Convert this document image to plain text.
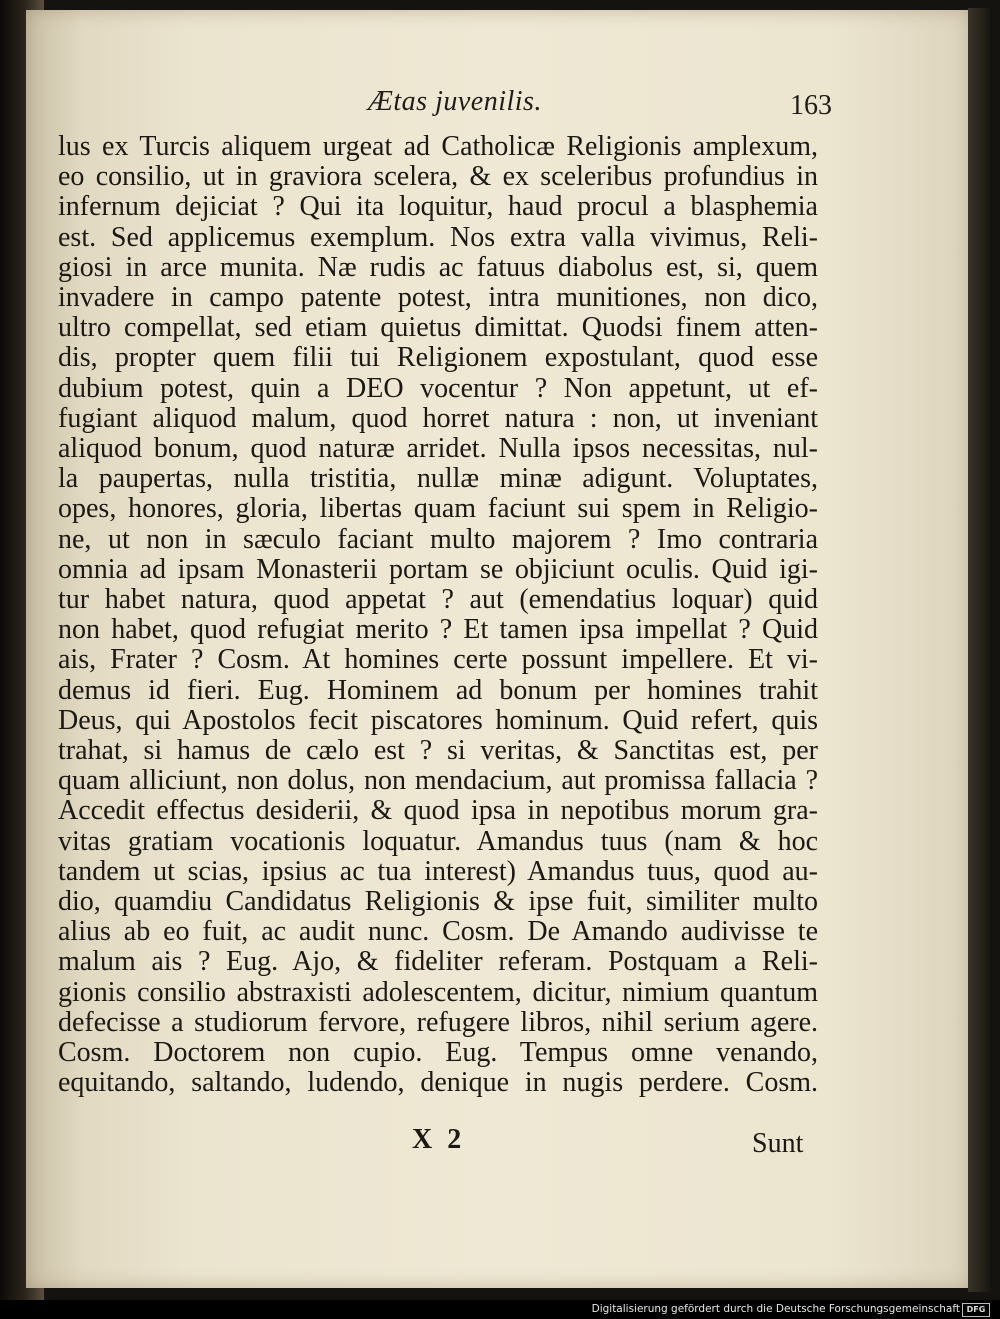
Ætas juvenilis.	163
lus ex Turcis aliquem urgeat ad Catholicæ Religionis amplexum,
eo consilio, ut in graviora scelera, & ex sceleribus profundius in
infernum dejiciat ? Qui ita loquitur, haud procul a blasphemia
est. Sed applicemus exemplum. Nos extra valla vivimus, Reli-
giosi in arce munita. Næ rudis ac fatuus diabolus est, si, quem
invadere in campo patente potest, intra munitiones, non dico,
ultro compellat, sed etiam quietus dimittat. Quodsi finem atten-
dis, propter quem filii tui Religionem expostulant, quod esse
dubium potest, quin a DEO vocentur ? Non appetunt, ut ef-
fugiant aliquod malum, quod horret natura : non, ut inveniant
aliquod bonum, quod naturæ arridet. Nulla ipsos necessitas, nul-
la paupertas, nulla tristitia, nullæ minæ adigunt. Voluptates,
opes, honores, gloria, libertas quam faciunt sui spem in Religio-
ne, ut non in sæculo faciant multo majorem ? Imo contraria
omnia ad ipsam Monasterii portam se objiciunt oculis. Quid igi-
tur habet natura, quod appetat ? aut (emendatius loquar) quid
non habet, quod refugiat merito ? Et tamen ipsa impellat ? Quid
ais, Frater ? Cosm. At homines certe possunt impellere. Et vi-
demus id fieri. Eug. Hominem ad bonum per homines trahit
Deus, qui Apostolos fecit piscatores hominum. Quid refert, quis
trahat, si hamus de cælo est ? si veritas, & Sanctitas est, per
quam alliciunt, non dolus, non mendacium, aut promissa fallacia ?
Accedit effectus desiderii, & quod ipsa in nepotibus morum gra-
vitas gratiam vocationis loquatur. Amandus tuus (nam & hoc
tandem ut scias, ipsius ac tua interest) Amandus tuus, quod au-
dio, quamdiu Candidatus Religionis & ipse fuit, similiter multo
alius ab eo fuit, ac audit nunc. Cosm. De Amando audivisse te
malum ais ? Eug. Ajo, & fideliter referam. Postquam a Reli-
gionis consilio abstraxisti adolescentem, dicitur, nimium quantum
defecisse a studiorum fervore, refugere libros, nihil serium agere.
Cosm. Doctorem non cupio. Eug. Tempus omne venando,
equitando, saltando, ludendo, denique in nugis perdere. Cosm.
X 2	Sunt
Digitalisierung gefördert durch die Deutsche Forschungsgemeinschaft DFG
